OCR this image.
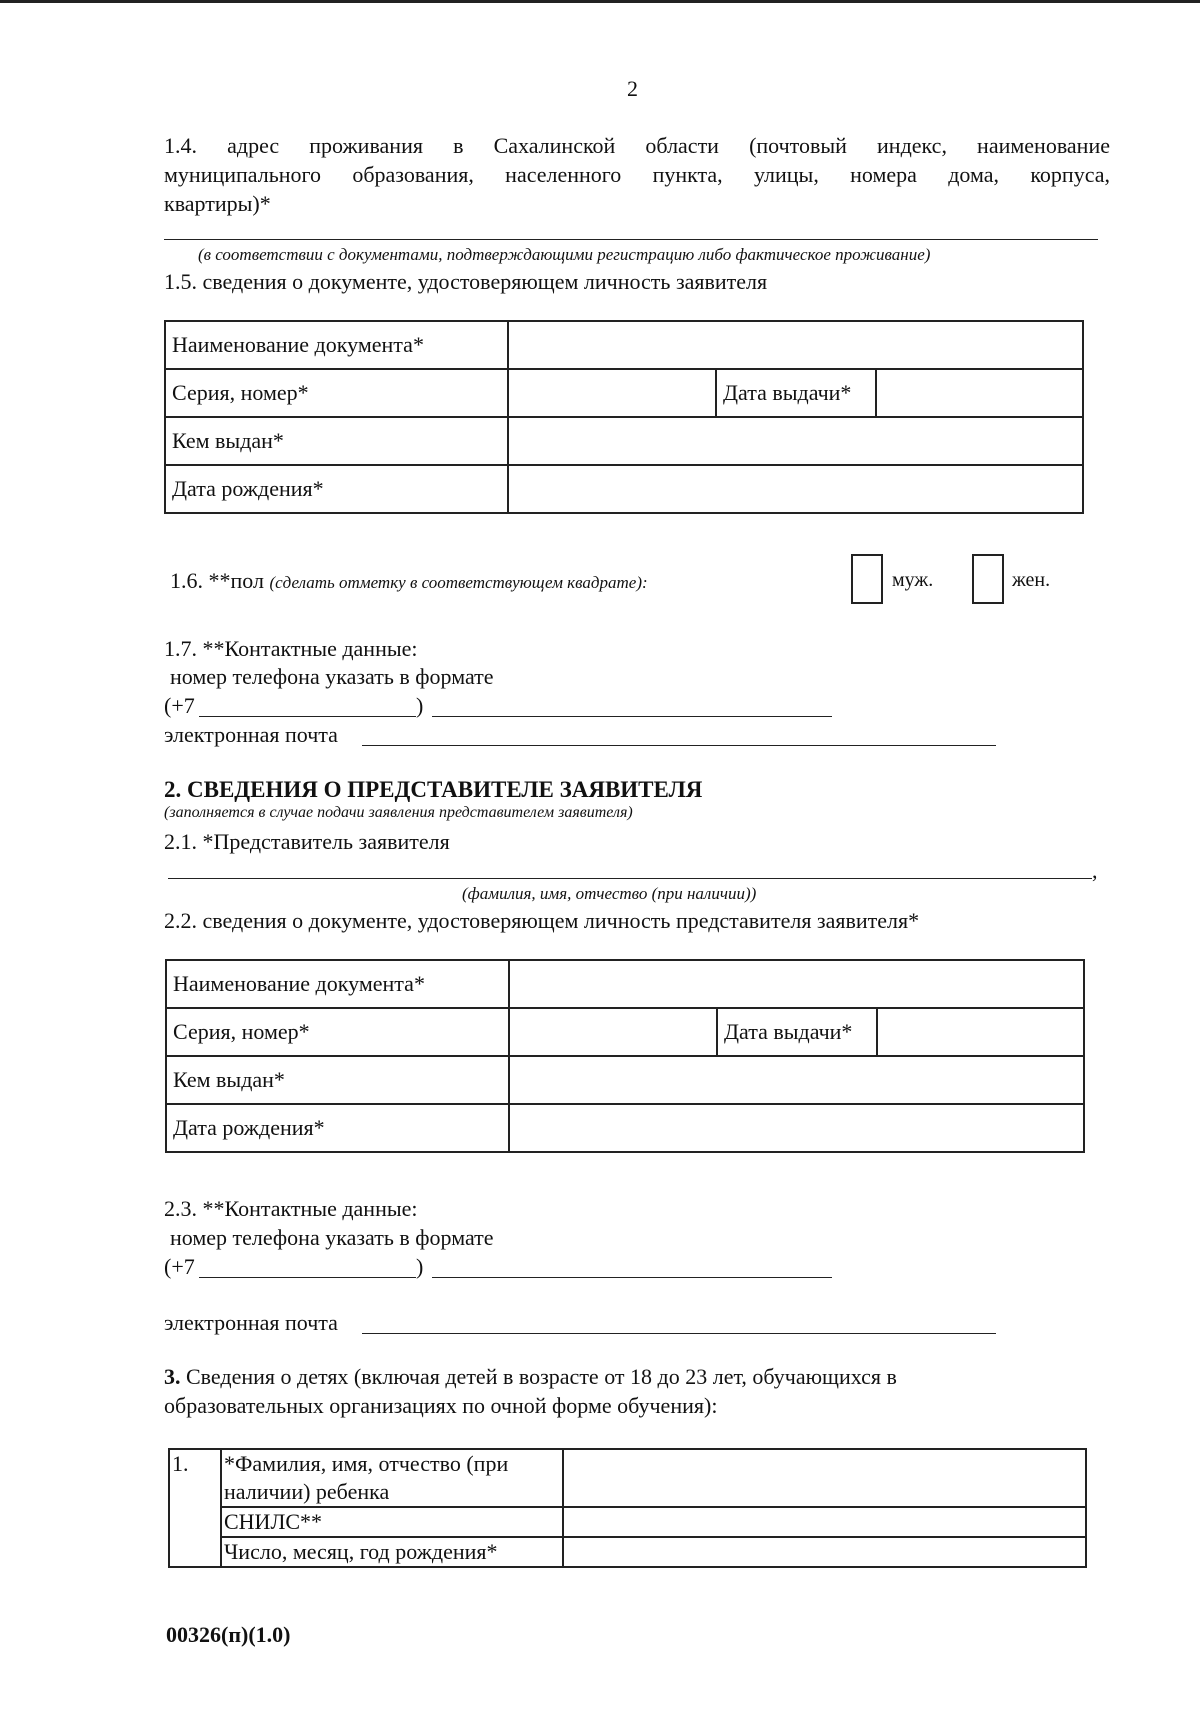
2
1.4. адрес проживания в Сахалинской области (почтовый индекс, наименование
муниципального образования, населенного пункта, улицы, номера дома, корпуса,
квартиры)*
(в соответствии с документами, подтверждающими регистрацию либо фактическое проживание)
1.5. сведения о документе, удостоверяющем личность заявителя
Наименование документа*			
Серия, номер*		Дата выдачи*	
Кем выдан*			
Дата рождения*			
1.6. **пол (сделать отметку в соответствующем квадрате):	муж.	жен.
1.7. **Контактные данные:
номер телефона указать в формате
(+7	)
электронная почта
2. СВЕДЕНИЯ О ПРЕДСТАВИТЕЛЕ ЗАЯВИТЕЛЯ
(заполняется в случае подачи заявления представителем заявителя)
2.1. *Представитель заявителя
,
(фамилия, имя, отчество (при наличии))
2.2. сведения о документе, удостоверяющем личность представителя заявителя*
Наименование документа*			
Серия, номер*		Дата выдачи*	
Кем выдан*			
Дата рождения*			
2.3. **Контактные данные:
номер телефона указать в формате
(+7	)
электронная почта
3. Сведения о детях (включая детей в возрасте от 18 до 23 лет, обучающихся в
образовательных организациях по очной форме обучения):
1.	*Фамилия, имя, отчество (при
наличии) ребенка	

	СНИЛС**	
	Число, месяц, год рождения*	
00326(п)(1.0)
